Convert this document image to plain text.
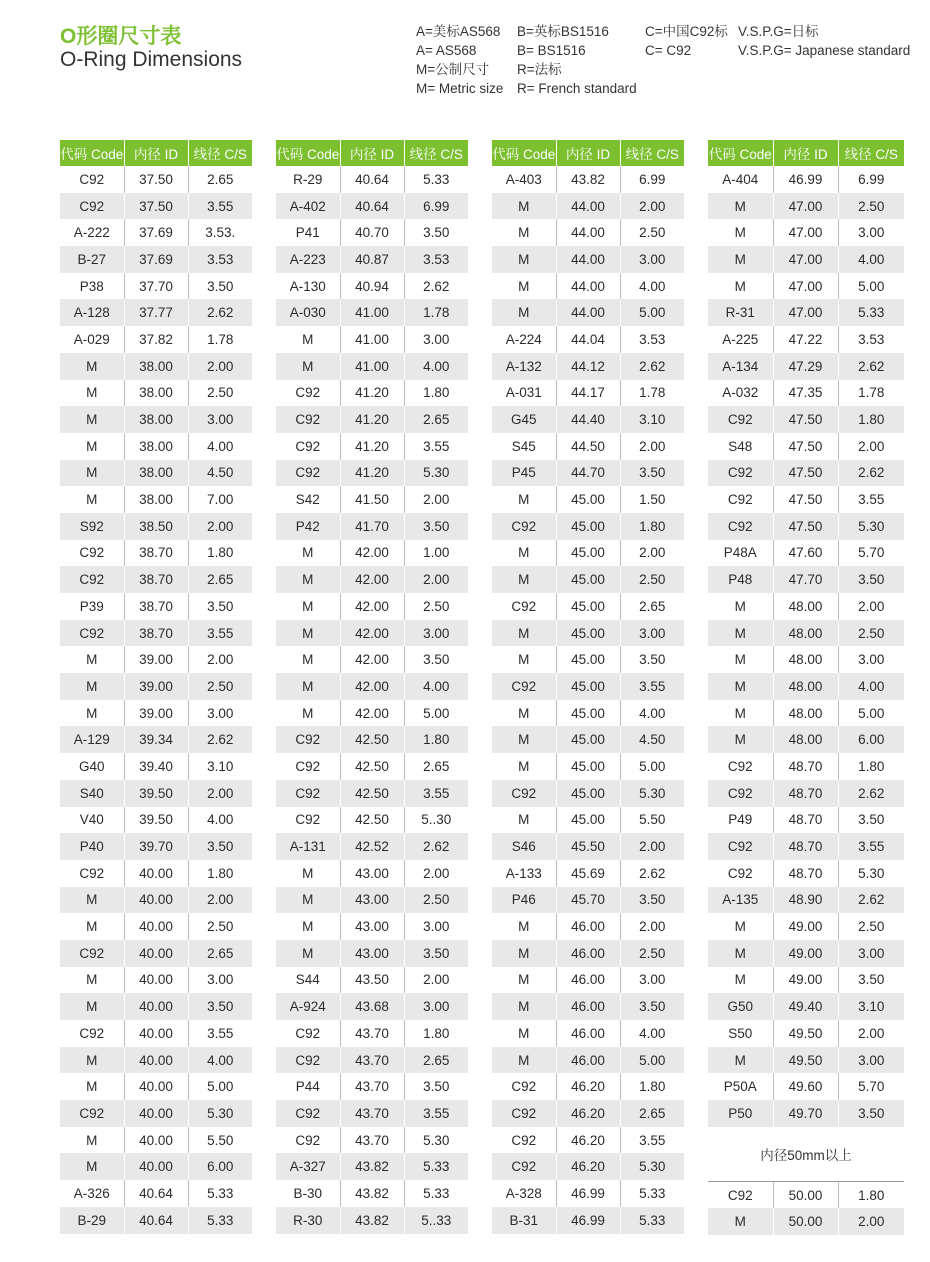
O形圈尺寸表
O-Ring Dimensions
A=美标AS568
A= AS568
M=公制尺寸
M= Metric size
B=英标BS1516
B= BS1516
R=法标
R= French standard
C=中国C92标
C= C92
V.S.P.G=日标
V.S.P.G= Japanese standard
代码 Code	内径 ID	线径 C/S
C92	37.50	2.65
C92	37.50	3.55
A-222	37.69	3.53.
B-27	37.69	3.53
P38	37.70	3.50
A-128	37.77	2.62
A-029	37.82	1.78
M	38.00	2.00
M	38.00	2.50
M	38.00	3.00
M	38.00	4.00
M	38.00	4.50
M	38.00	7.00
S92	38.50	2.00
C92	38.70	1.80
C92	38.70	2.65
P39	38.70	3.50
C92	38.70	3.55
M	39.00	2.00
M	39.00	2.50
M	39.00	3.00
A-129	39.34	2.62
G40	39.40	3.10
S40	39.50	2.00
V40	39.50	4.00
P40	39.70	3.50
C92	40.00	1.80
M	40.00	2.00
M	40.00	2.50
C92	40.00	2.65
M	40.00	3.00
M	40.00	3.50
C92	40.00	3.55
M	40.00	4.00
M	40.00	5.00
C92	40.00	5.30
M	40.00	5.50
M	40.00	6.00
A-326	40.64	5.33
B-29	40.64	5.33
代码 Code	内径 ID	线径 C/S
R-29	40.64	5.33
A-402	40.64	6.99
P41	40.70	3.50
A-223	40.87	3.53
A-130	40.94	2.62
A-030	41.00	1.78
M	41.00	3.00
M	41.00	4.00
C92	41.20	1.80
C92	41.20	2.65
C92	41.20	3.55
C92	41.20	5.30
S42	41.50	2.00
P42	41.70	3.50
M	42.00	1.00
M	42.00	2.00
M	42.00	2.50
M	42.00	3.00
M	42.00	3.50
M	42.00	4.00
M	42.00	5.00
C92	42.50	1.80
C92	42.50	2.65
C92	42.50	3.55
C92	42.50	5..30
A-131	42.52	2.62
M	43.00	2.00
M	43.00	2.50
M	43.00	3.00
M	43.00	3.50
S44	43.50	2.00
A-924	43.68	3.00
C92	43.70	1.80
C92	43.70	2.65
P44	43.70	3.50
C92	43.70	3.55
C92	43.70	5.30
A-327	43.82	5.33
B-30	43.82	5.33
R-30	43.82	5..33
代码 Code	内径 ID	线径 C/S
A-403	43.82	6.99
M	44.00	2.00
M	44.00	2.50
M	44.00	3.00
M	44.00	4.00
M	44.00	5.00
A-224	44.04	3.53
A-132	44.12	2.62
A-031	44.17	1.78
G45	44.40	3.10
S45	44.50	2.00
P45	44.70	3.50
M	45.00	1.50
C92	45.00	1.80
M	45.00	2.00
M	45.00	2.50
C92	45.00	2.65
M	45.00	3.00
M	45.00	3.50
C92	45.00	3.55
M	45.00	4.00
M	45.00	4.50
M	45.00	5.00
C92	45.00	5.30
M	45.00	5.50
S46	45.50	2.00
A-133	45.69	2.62
P46	45.70	3.50
M	46.00	2.00
M	46.00	2.50
M	46.00	3.00
M	46.00	3.50
M	46.00	4.00
M	46.00	5.00
C92	46.20	1.80
C92	46.20	2.65
C92	46.20	3.55
C92	46.20	5.30
A-328	46.99	5.33
B-31	46.99	5.33
代码 Code	内径 ID	线径 C/S
A-404	46.99	6.99
M	47.00	2.50
M	47.00	3.00
M	47.00	4.00
M	47.00	5.00
R-31	47.00	5.33
A-225	47.22	3.53
A-134	47.29	2.62
A-032	47.35	1.78
C92	47.50	1.80
S48	47.50	2.00
C92	47.50	2.62
C92	47.50	3.55
C92	47.50	5.30
P48A	47.60	5.70
P48	47.70	3.50
M	48.00	2.00
M	48.00	2.50
M	48.00	3.00
M	48.00	4.00
M	48.00	5.00
M	48.00	6.00
C92	48.70	1.80
C92	48.70	2.62
P49	48.70	3.50
C92	48.70	3.55
C92	48.70	5.30
A-135	48.90	2.62
M	49.00	2.50
M	49.00	3.00
M	49.00	3.50
G50	49.40	3.10
S50	49.50	2.00
M	49.50	3.00
P50A	49.60	5.70
P50	49.70	3.50
内径50mm以上		
C92	50.00	1.80
M	50.00	2.00
